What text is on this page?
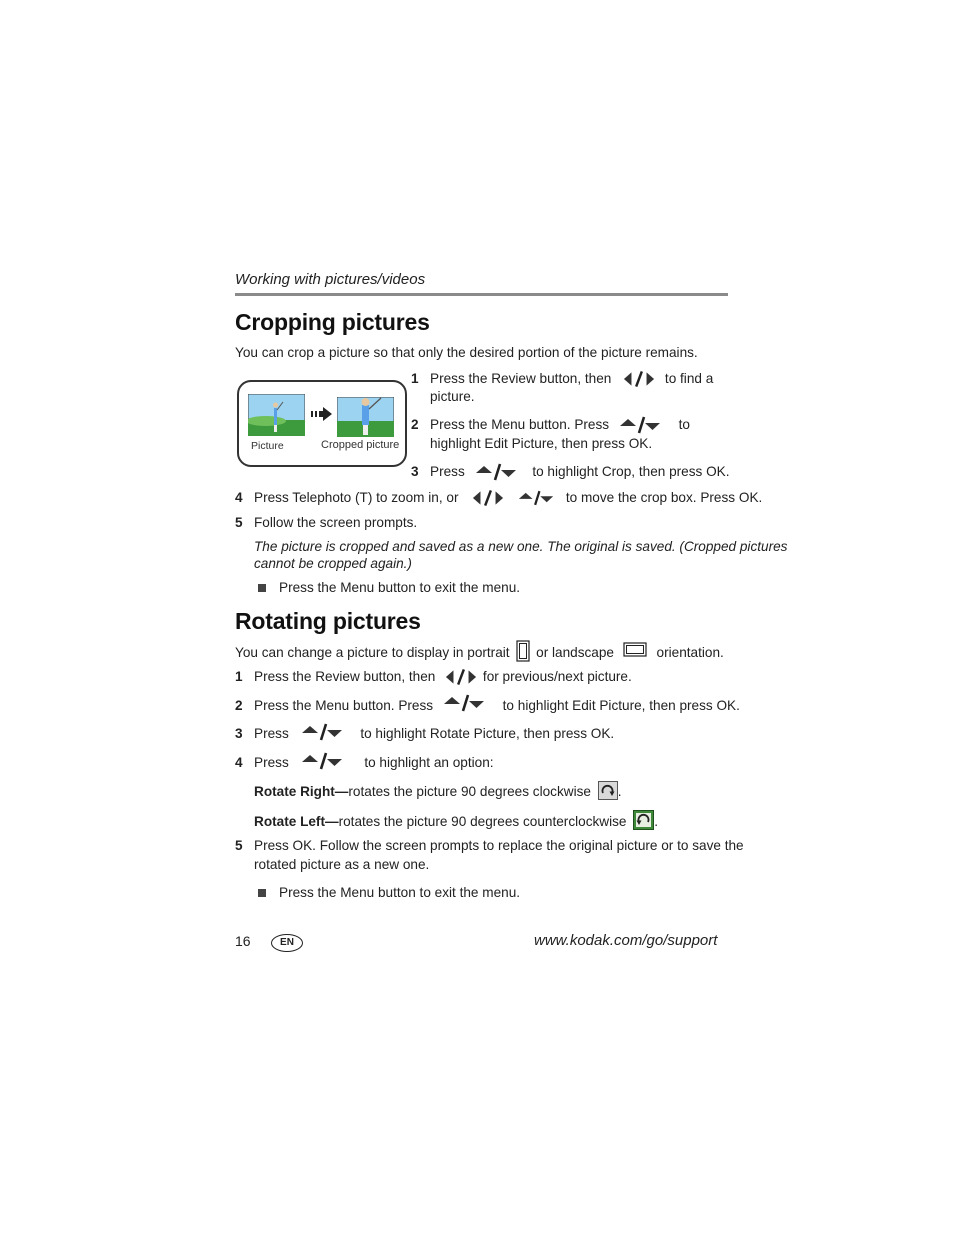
Working with pictures/videos
Cropping pictures
You can crop a picture so that only the desired portion of the picture remains.
Picture	Cropped picture
1 Press the Review button, then	to find a
picture.
2 Press the Menu button. Press	to
highlight Edit Picture, then press OK.
3 Press	to highlight Crop, then press OK.
4 Press Telephoto (T) to zoom in, or	to move the crop box. Press OK.
5 Follow the screen prompts.
The picture is cropped and saved as a new one. The original is saved. (Cropped pictures
cannot be cropped again.)
Press the Menu button to exit the menu.
Rotating pictures
You can change a picture to display in portrait or landscape	orientation.
1 Press the Review button, then	for previous/next picture.
2 Press the Menu button. Press	to highlight Edit Picture, then press OK.
3 Press	to highlight Rotate Picture, then press OK.
4 Press	to highlight an option:
Rotate Right—rotates the picture 90 degrees clockwise .
Rotate Left—rotates the picture 90 degrees counterclockwise .
5 Press OK. Follow the screen prompts to replace the original picture or to save the
rotated picture as a new one.
Press the Menu button to exit the menu.
16	EN	www.kodak.com/go/support
